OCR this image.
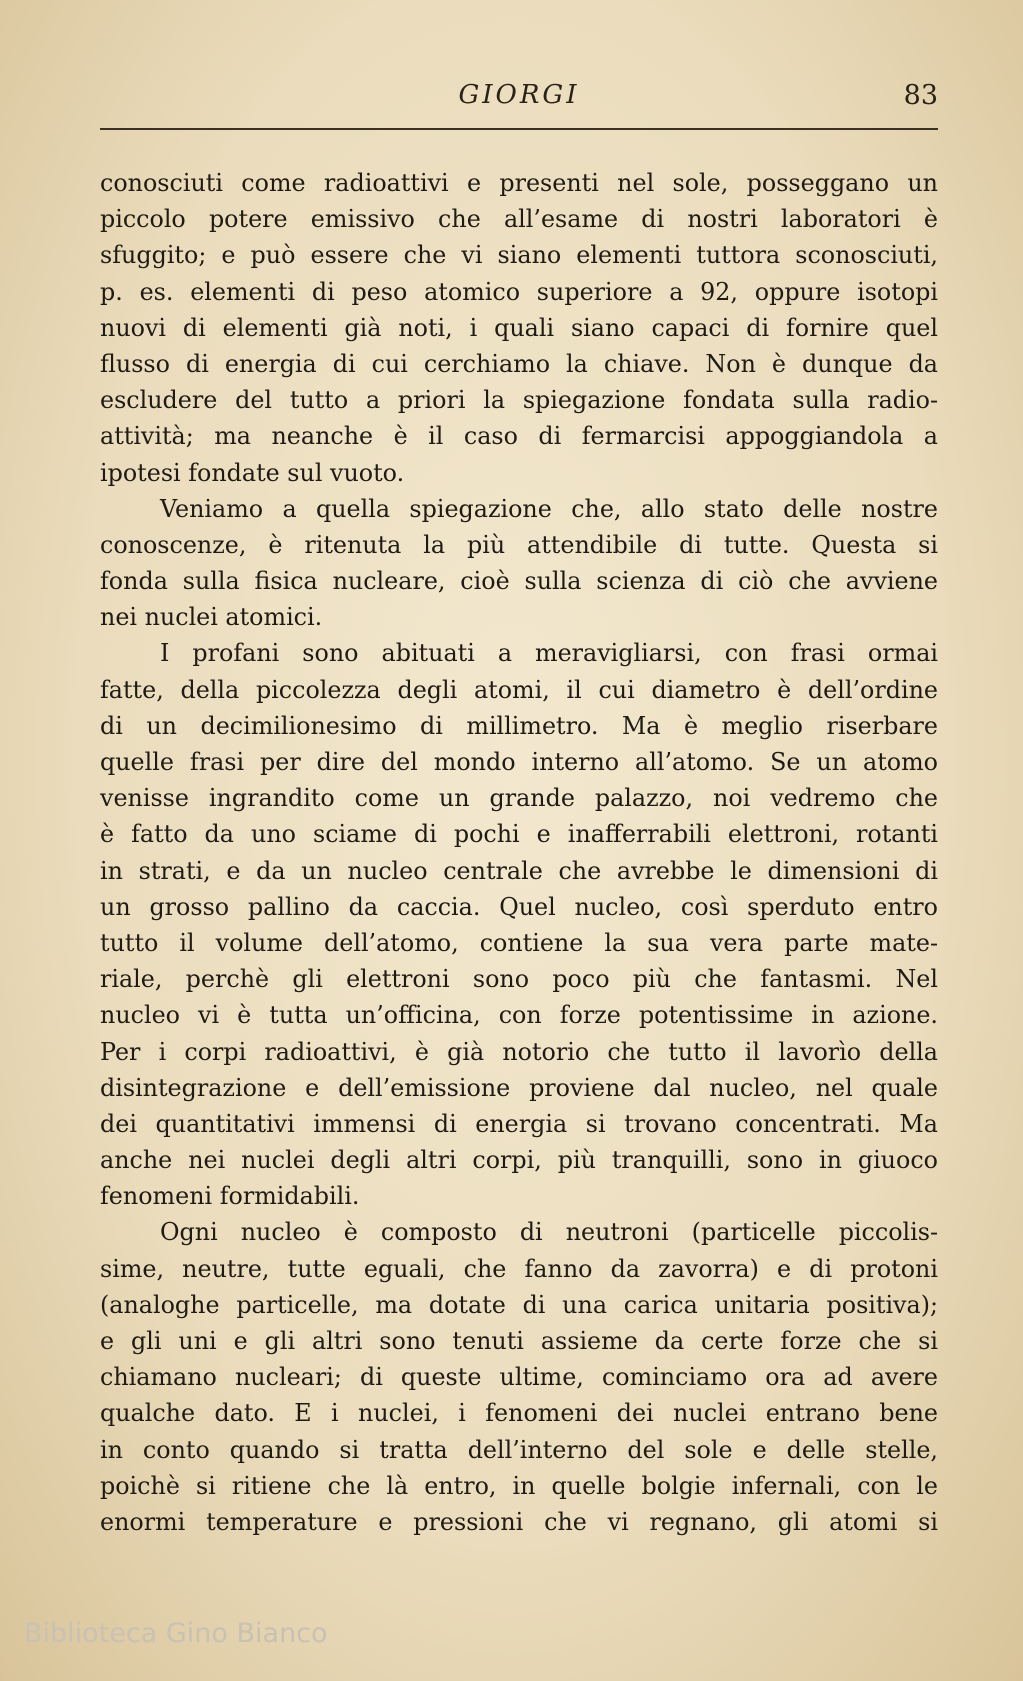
GIORGI	83
conosciuti come radioattivi e presenti nel sole, posseggano un
piccolo potere emissivo che all’esame di nostri laboratori è
sfuggito; e può essere che vi siano elementi tuttora sconosciuti,
p. es. elementi di peso atomico superiore a 92, oppure isotopi
nuovi di elementi già noti, i quali siano capaci di fornire quel
flusso di energia di cui cerchiamo la chiave. Non è dunque da
escludere del tutto a priori la spiegazione fondata sulla radio-
attività; ma neanche è il caso di fermarcisi appoggiandola a
ipotesi fondate sul vuoto.
Veniamo a quella spiegazione che, allo stato delle nostre
conoscenze, è ritenuta la più attendibile di tutte. Questa si
fonda sulla fisica nucleare, cioè sulla scienza di ciò che avviene
nei nuclei atomici.
I profani sono abituati a meravigliarsi, con frasi ormai
fatte, della piccolezza degli atomi, il cui diametro è dell’ordine
di un decimilionesimo di millimetro. Ma è meglio riserbare
quelle frasi per dire del mondo interno all’atomo. Se un atomo
venisse ingrandito come un grande palazzo, noi vedremo che
è fatto da uno sciame di pochi e inafferrabili elettroni, rotanti
in strati, e da un nucleo centrale che avrebbe le dimensioni di
un grosso pallino da caccia. Quel nucleo, così sperduto entro
tutto il volume dell’atomo, contiene la sua vera parte mate-
riale, perchè gli elettroni sono poco più che fantasmi. Nel
nucleo vi è tutta un’officina, con forze potentissime in azione.
Per i corpi radioattivi, è già notorio che tutto il lavorìo della
disintegrazione e dell’emissione proviene dal nucleo, nel quale
dei quantitativi immensi di energia si trovano concentrati. Ma
anche nei nuclei degli altri corpi, più tranquilli, sono in giuoco
fenomeni formidabili.
Ogni nucleo è composto di neutroni (particelle piccolis-
sime, neutre, tutte eguali, che fanno da zavorra) e di protoni
(analoghe particelle, ma dotate di una carica unitaria positiva);
e gli uni e gli altri sono tenuti assieme da certe forze che si
chiamano nucleari; di queste ultime, cominciamo ora ad avere
qualche dato. E i nuclei, i fenomeni dei nuclei entrano bene
in conto quando si tratta dell’interno del sole e delle stelle,
poichè si ritiene che là entro, in quelle bolgie infernali, con le
enormi temperature e pressioni che vi regnano, gli atomi si
Biblioteca Gino Bianco
